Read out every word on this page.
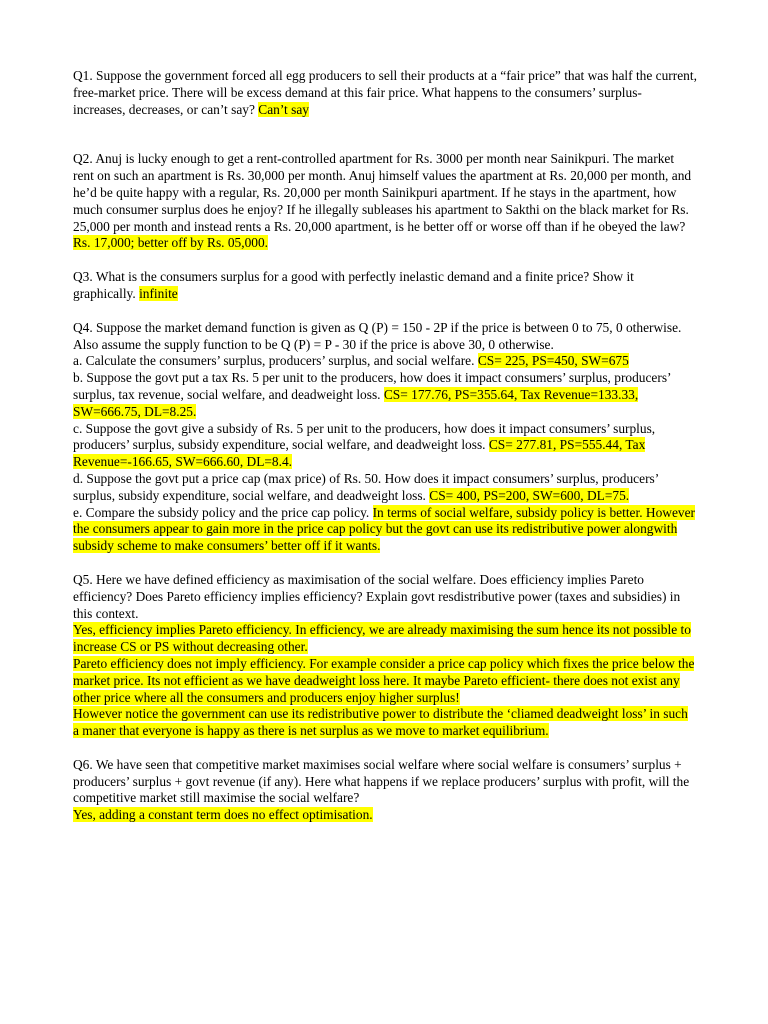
Q1. Suppose the government forced all egg producers to sell their products at a “fair price” that was half the current, free-market price. There will be excess demand at this fair price. What happens to the consumers’ surplus- increases, decreases, or can’t say? Can’t say

Q2. Anuj is lucky enough to get a rent-controlled apartment for Rs. 3000 per month near Sainikpuri. The market rent on such an apartment is Rs. 30,000 per month. Anuj himself values the apartment at Rs. 20,000 per month, and he’d be quite happy with a regular, Rs. 20,000 per month Sainikpuri apartment. If he stays in the apartment, how much consumer surplus does he enjoy? If he illegally subleases his apartment to Sakthi on the black market for Rs. 25,000 per month and instead rents a Rs. 20,000 apartment, is he better off or worse off than if he obeyed the law? Rs. 17,000; better off by Rs. 05,000.

Q3. What is the consumers surplus for a good with perfectly inelastic demand and a finite price? Show it graphically. infinite

Q4. Suppose the market demand function is given as Q (P) = 150 - 2P if the price is between 0 to 75, 0 otherwise. Also assume the supply function to be Q (P) = P - 30 if the price is above 30, 0 otherwise.

a. Calculate the consumers’ surplus, producers’ surplus, and social welfare. CS= 225, PS=450, SW=675

b. Suppose the govt put a tax Rs. 5 per unit to the producers, how does it impact consumers’ surplus, producers’ surplus, tax revenue, social welfare, and deadweight loss. CS= 177.76, PS=355.64, Tax Revenue=133.33, SW=666.75, DL=8.25.

c. Suppose the govt give a subsidy of Rs. 5 per unit to the producers, how does it impact consumers’ surplus, producers’ surplus, subsidy expenditure, social welfare, and deadweight loss. CS= 277.81, PS=555.44, Tax Revenue=-166.65, SW=666.60, DL=8.4.

d. Suppose the govt put a price cap (max price) of Rs. 50. How does it impact consumers’ surplus, producers’ surplus, subsidy expenditure, social welfare, and deadweight loss. CS= 400, PS=200, SW=600, DL=75.

e. Compare the subsidy policy and the price cap policy. In terms of social welfare, subsidy policy is better. However the consumers appear to gain more in the price cap policy but the govt can use its redistributive power alongwith subsidy scheme to make consumers’ better off if it wants.

Q5. Here we have defined efficiency as maximisation of the social welfare. Does efficiency implies Pareto efficiency? Does Pareto efficiency implies efficiency? Explain govt resdistributive power (taxes and subsidies) in this context.

Yes, efficiency implies Pareto efficiency. In efficiency, we are already maximising the sum hence its not possible to increase CS or PS without decreasing other.

Pareto efficiency does not imply efficiency. For example consider a price cap policy which fixes the price below the market price. Its not efficient as we have deadweight loss here. It maybe Pareto efficient- there does not exist any other price where all the consumers and producers enjoy higher surplus!

However notice the government can use its redistributive power to distribute the ‘cliamed deadweight loss’ in such a maner that everyone is happy as there is net surplus as we move to market equilibrium.

Q6. We have seen that competitive market maximises social welfare where social welfare is consumers’ surplus + producers’ surplus + govt revenue (if any). Here what happens if we replace producers’ surplus with profit, will the competitive market still maximise the social welfare?

Yes, adding a constant term does no effect optimisation.
